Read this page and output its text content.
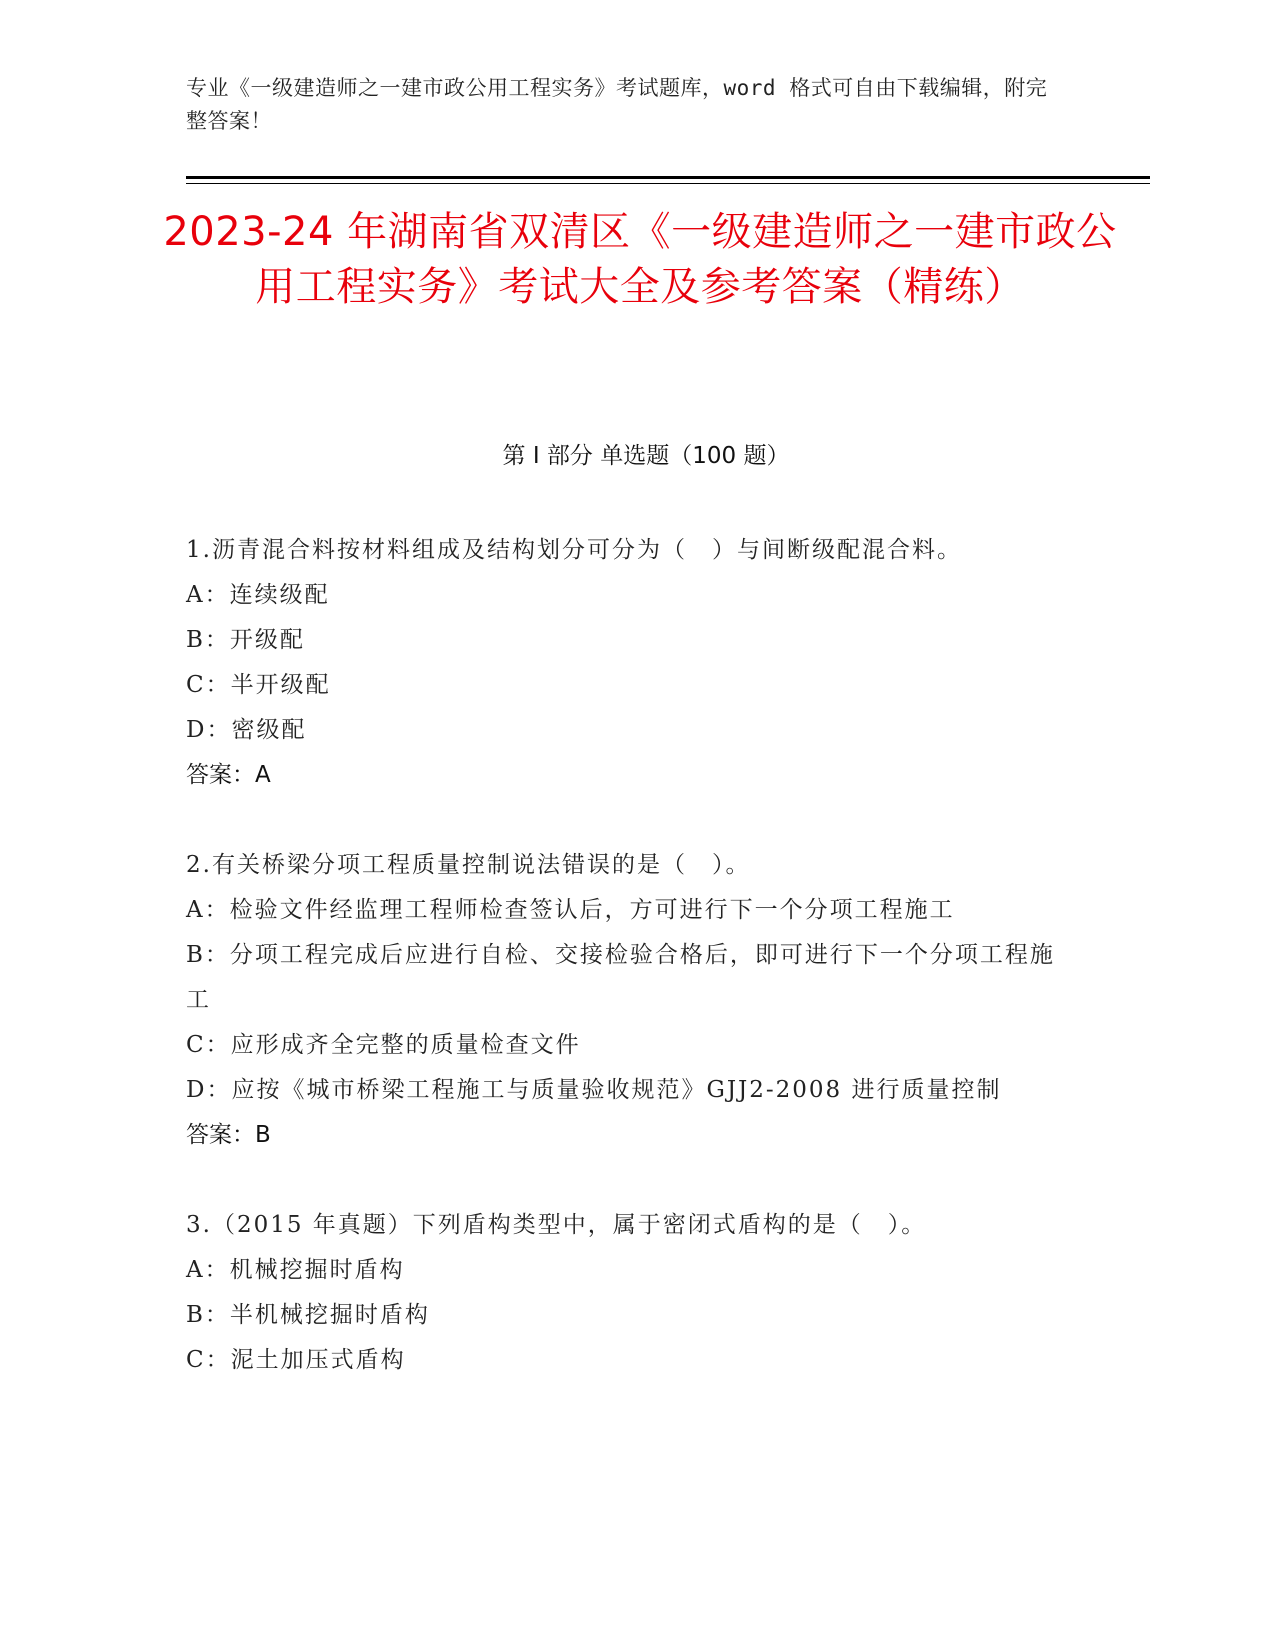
专业《一级建造师之一建市政公用工程实务》考试题库，word 格式可自由下载编辑，附完整答案！
2023-24 年湖南省双清区《一级建造师之一建市政公用工程实务》考试大全及参考答案（精练）
第 I 部分 单选题（100 题）
1.沥青混合料按材料组成及结构划分可分为（　）与间断级配混合料。
A：连续级配
B：开级配
C：半开级配
D：密级配
答案：A
2.有关桥梁分项工程质量控制说法错误的是（　）。
A：检验文件经监理工程师检查签认后，方可进行下一个分项工程施工
B：分项工程完成后应进行自检、交接检验合格后，即可进行下一个分项工程施工
C：应形成齐全完整的质量检查文件
D：应按《城市桥梁工程施工与质量验收规范》GJJ2-2008 进行质量控制
答案：B
3.（2015 年真题）下列盾构类型中，属于密闭式盾构的是（　）。
A：机械挖掘时盾构
B：半机械挖掘时盾构
C：泥土加压式盾构
